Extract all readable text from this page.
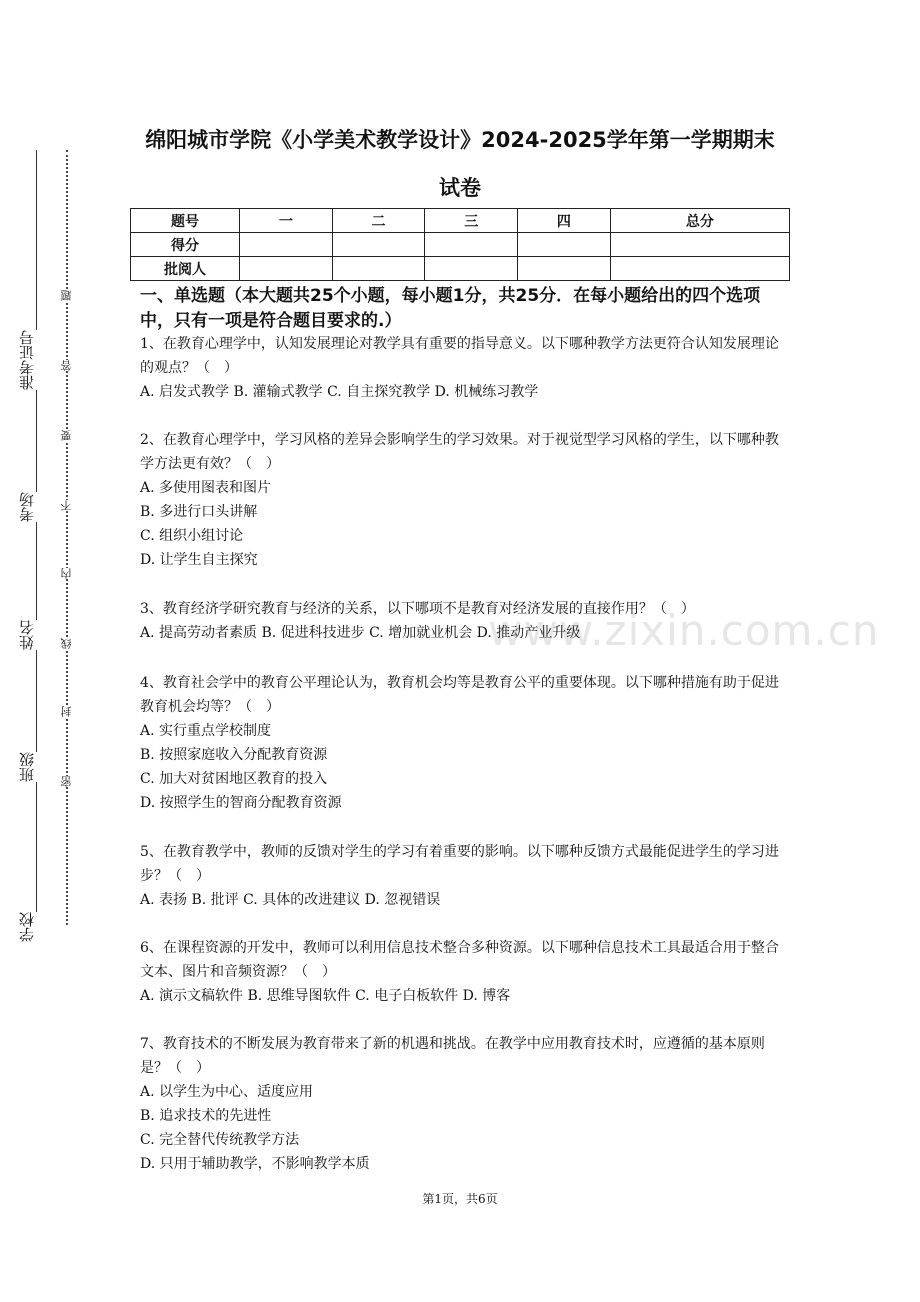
绵阳城市学院《小学美术教学设计》2024-2025学年第一学期期末
试卷
题号	一	二	三	四	总分
得分					
批阅人					
www.zixin.com.cn
一、单选题（本大题共25个小题，每小题1分，共25分．在每小题给出的四个选项中，只有一项是符合题目要求的.）

1、在教育心理学中，认知发展理论对教学具有重要的指导意义。以下哪种教学方法更符合认知发展理论的观点？（　）

A. 启发式教学 B. 灌输式教学 C. 自主探究教学 D. 机械练习教学

2、在教育心理学中，学习风格的差异会影响学生的学习效果。对于视觉型学习风格的学生，以下哪种教学方法更有效？（　）

A. 多使用图表和图片

B. 多进行口头讲解

C. 组织小组讨论

D. 让学生自主探究

3、教育经济学研究教育与经济的关系，以下哪项不是教育对经济发展的直接作用？（　）

A. 提高劳动者素质 B. 促进科技进步 C. 增加就业机会 D. 推动产业升级

4、教育社会学中的教育公平理论认为，教育机会均等是教育公平的重要体现。以下哪种措施有助于促进教育机会均等？（　）

A. 实行重点学校制度

B. 按照家庭收入分配教育资源

C. 加大对贫困地区教育的投入

D. 按照学生的智商分配教育资源

5、在教育教学中，教师的反馈对学生的学习有着重要的影响。以下哪种反馈方式最能促进学生的学习进步？（　）

A. 表扬 B. 批评 C. 具体的改进建议 D. 忽视错误

6、在课程资源的开发中，教师可以利用信息技术整合多种资源。以下哪种信息技术工具最适合用于整合文本、图片和音频资源？（　）

A. 演示文稿软件 B. 思维导图软件 C. 电子白板软件 D. 博客

7、教育技术的不断发展为教育带来了新的机遇和挑战。在教学中应用教育技术时，应遵循的基本原则是？（　）

A. 以学生为中心、适度应用

B. 追求技术的先进性

C. 完全替代传统教学方法

D. 只用于辅助教学，不影响教学本质

第1页，共6页
准考证号
考场
姓名
班级
学校
题
答
要
不
内
线
封
密
